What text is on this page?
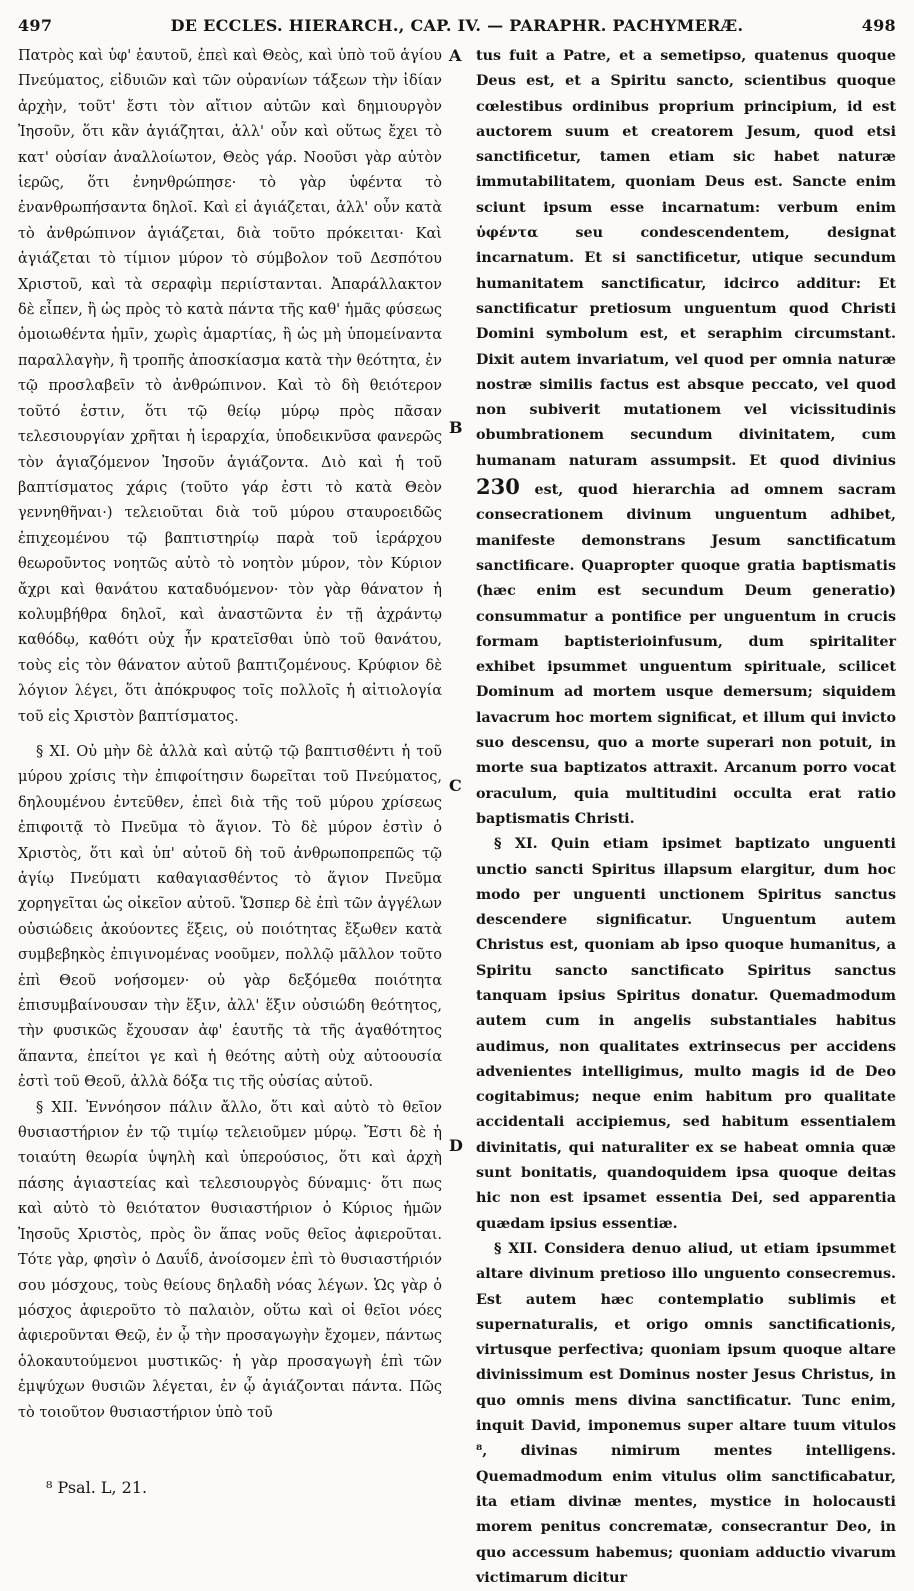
497	DE ECCLES. HIERARCH., CAP. IV. — PARAPHR. PACHYMERÆ.	498

Πατρὸς καὶ ὑφ' ἑαυτοῦ, ἐπεὶ καὶ Θεὸς, καὶ ὑπὸ τοῦ ἁγίου Πνεύματος, εἰδυιῶν καὶ τῶν οὐρανίων τάξεων τὴν ἰδίαν ἀρχὴν, τοῦτ' ἔστι τὸν αἴτιον αὐτῶν καὶ δημιουργὸν Ἰησοῦν, ὅτι κἂν ἁγιάζηται, ἀλλ' οὖν καὶ οὕτως ἔχει τὸ κατ' οὐσίαν ἀναλλοίωτον, Θεὸς γάρ. Νοοῦσι γὰρ αὐτὸν ἱερῶς, ὅτι ἐνηνθρώπησε· τὸ γὰρ ὑφέντα τὸ ἐνανθρωπήσαντα δηλοῖ. Καὶ εἰ ἁγιάζεται, ἀλλ' οὖν κατὰ τὸ ἀνθρώπινον ἁγιάζεται, διὰ τοῦτο πρόκειται· Καὶ ἁγιάζεται τὸ τίμιον μύρον τὸ σύμβολον τοῦ Δεσπότου Χριστοῦ, καὶ τὰ σεραφὶμ περιίστανται. Ἀπαράλλακτον δὲ εἶπεν, ἢ ὡς πρὸς τὸ κατὰ πάντα τῆς καθ' ἡμᾶς φύσεως ὁμοιωθέντα ἡμῖν, χωρὶς ἁμαρτίας, ἢ ὡς μὴ ὑπομείναντα παραλλαγὴν, ἢ τροπῆς ἀποσκίασμα κατὰ τὴν θεότητα, ἐν τῷ προσλαβεῖν τὸ ἀνθρώπινον. Καὶ τὸ δὴ θειότερον τοῦτό ἐστιν, ὅτι τῷ θείῳ μύρῳ πρὸς πᾶσαν τελεσιουργίαν χρῆται ἡ ἱεραρχία, ὑποδεικνῦσα φανερῶς τὸν ἁγιαζόμενον Ἰησοῦν ἁγιάζοντα. Διὸ καὶ ἡ τοῦ βαπτίσματος χάρις (τοῦτο γάρ ἐστι τὸ κατὰ Θεὸν γεννηθῆναι·) τελειοῦται διὰ τοῦ μύρου σταυροειδῶς ἐπιχεομένου τῷ βαπτιστηρίῳ παρὰ τοῦ ἱεράρχου θεωροῦντος νοητῶς αὐτὸ τὸ νοητὸν μύρον, τὸν Κύριον ἄχρι καὶ θανάτου καταδυόμενον· τὸν γὰρ θάνατον ἡ κολυμβήθρα δηλοῖ, καὶ ἀναστῶντα ἐν τῇ ἀχράντῳ καθόδῳ, καθότι οὐχ ἦν κρατεῖσθαι ὑπὸ τοῦ θανάτου, τοὺς εἰς τὸν θάνατον αὐτοῦ βαπτιζομένους. Κρύφιον δὲ λόγιον λέγει, ὅτι ἀπόκρυφος τοῖς πολλοῖς ἡ αἰτιολογία τοῦ εἰς Χριστὸν βαπτίσματος.

§ XI. Οὐ μὴν δὲ ἀλλὰ καὶ αὐτῷ τῷ βαπτισθέντι ἡ τοῦ μύρου χρίσις τὴν ἐπιφοίτησιν δωρεῖται τοῦ Πνεύματος, δηλουμένου ἐντεῦθεν, ἐπεὶ διὰ τῆς τοῦ μύρου χρίσεως ἐπιφοιτᾷ τὸ Πνεῦμα τὸ ἅγιον. Τὸ δὲ μύρον ἐστὶν ὁ Χριστὸς, ὅτι καὶ ὑπ' αὐτοῦ δὴ τοῦ ἀνθρωποπρεπῶς τῷ ἁγίῳ Πνεύματι καθαγιασθέντος τὸ ἅγιον Πνεῦμα χορηγεῖται ὡς οἰκεῖον αὐτοῦ. Ὥσπερ δὲ ἐπὶ τῶν ἀγγέλων οὐσιώδεις ἀκούοντες ἕξεις, οὐ ποιότητας ἔξωθεν κατὰ συμβεβηκὸς ἐπιγινομένας νοοῦμεν, πολλῷ μᾶλλον τοῦτο ἐπὶ Θεοῦ νοήσομεν· οὐ γὰρ δεξόμεθα ποιότητα ἐπισυμβαίνουσαν τὴν ἕξιν, ἀλλ' ἕξιν οὐσιώδη θεότητος, τὴν φυσικῶς ἔχουσαν ἀφ' ἑαυτῆς τὰ τῆς ἀγαθότητος ἅπαντα, ἐπείτοι γε καὶ ἡ θεότης αὐτὴ οὐχ αὐτοουσία ἐστὶ τοῦ Θεοῦ, ἀλλὰ δόξα τις τῆς οὐσίας αὐτοῦ.

§ XII. Ἐννόησον πάλιν ἄλλο, ὅτι καὶ αὐτὸ τὸ θεῖον θυσιαστήριον ἐν τῷ τιμίῳ τελειοῦμεν μύρῳ. Ἔστι δὲ ἡ τοιαύτη θεωρία ὑψηλὴ καὶ ὑπερούσιος, ὅτι καὶ ἀρχὴ πάσης ἁγιαστείας καὶ τελεσιουργὸς δύναμις· ὅτι πως καὶ αὐτὸ τὸ θειότατον θυσιαστήριον ὁ Κύριος ἡμῶν Ἰησοῦς Χριστὸς, πρὸς ὃν ἅπας νοῦς θεῖος ἀφιεροῦται. Τότε γὰρ, φησὶν ὁ Δαυΐδ, ἀνοίσομεν ἐπὶ τὸ θυσιαστήριόν σου μόσχους, τοὺς θείους δηλαδὴ νόας λέγων. Ὡς γὰρ ὁ μόσχος ἀφιεροῦτο τὸ παλαιὸν, οὕτω καὶ οἱ θεῖοι νόες ἀφιεροῦνται Θεῷ, ἐν ᾧ τὴν προσαγωγὴν ἔχομεν, πάντως ὁλοκαυτούμενοι μυστικῶς· ἡ γὰρ προσαγωγὴ ἐπὶ τῶν ἐμψύχων θυσιῶν λέγεται, ἐν ᾧ ἁγιάζονται πάντα. Πῶς τὸ τοιοῦτον θυσιαστήριον ὑπὸ τοῦ

A
B
C
D

tus fuit a Patre, et a semetipso, quatenus quoque Deus est, et a Spiritu sancto, scientibus quoque cœlestibus ordinibus proprium principium, id est auctorem suum et creatorem Jesum, quod etsi sanctificetur, tamen etiam sic habet naturæ immutabilitatem, quoniam Deus est. Sancte enim sciunt ipsum esse incarnatum: verbum enim ὑφέντα seu condescendentem, designat incarnatum. Et si sanctificetur, utique secundum humanitatem sanctificatur, idcirco additur: Et sanctificatur pretiosum unguentum quod Christi Domini symbolum est, et seraphim circumstant. Dixit autem invariatum, vel quod per omnia naturæ nostræ similis factus est absque peccato, vel quod non subiverit mutationem vel vicissitudinis obumbrationem secundum divinitatem, cum humanam naturam assumpsit. Et quod divinius 230 est, quod hierarchia ad omnem sacram consecrationem divinum unguentum adhibet, manifeste demonstrans Jesum sanctificatum sanctificare. Quapropter quoque gratia baptismatis (hæc enim est secundum Deum generatio) consummatur a pontifice per unguentum in crucis formam baptisterioinfusum, dum spiritaliter exhibet ipsummet unguentum spirituale, scilicet Dominum ad mortem usque demersum; siquidem lavacrum hoc mortem significat, et illum qui invicto suo descensu, quo a morte superari non potuit, in morte sua baptizatos attraxit. Arcanum porro vocat oraculum, quia multitudini occulta erat ratio baptismatis Christi.

§ XI. Quin etiam ipsimet baptizato unguenti unctio sancti Spiritus illapsum elargitur, dum hoc modo per unguenti unctionem Spiritus sanctus descendere significatur. Unguentum autem Christus est, quoniam ab ipso quoque humanitus, a Spiritu sancto sanctificato Spiritus sanctus tanquam ipsius Spiritus donatur. Quemadmodum autem cum in angelis substantiales habitus audimus, non qualitates extrinsecus per accidens advenientes intelligimus, multo magis id de Deo cogitabimus; neque enim habitum pro qualitate accidentali accipiemus, sed habitum essentialem divinitatis, qui naturaliter ex se habeat omnia quæ sunt bonitatis, quandoquidem ipsa quoque deitas hic non est ipsamet essentia Dei, sed apparentia quædam ipsius essentiæ.

§ XII. Considera denuo aliud, ut etiam ipsummet altare divinum pretioso illo unguento consecremus. Est autem hæc contemplatio sublimis et supernaturalis, et origo omnis sanctificationis, virtusque perfectiva; quoniam ipsum quoque altare divinissimum est Dominus noster Jesus Christus, in quo omnis mens divina sanctificatur. Tunc enim, inquit David, imponemus super altare tuum vitulos ⁸, divinas nimirum mentes intelligens. Quemadmodum enim vitulus olim sanctificabatur, ita etiam divinæ mentes, mystice in holocausti morem penitus concrematæ, consecrantur Deo, in quo accessum habemus; quoniam adductio vivarum victimarum dicitur

⁸ Psal. L, 21.
